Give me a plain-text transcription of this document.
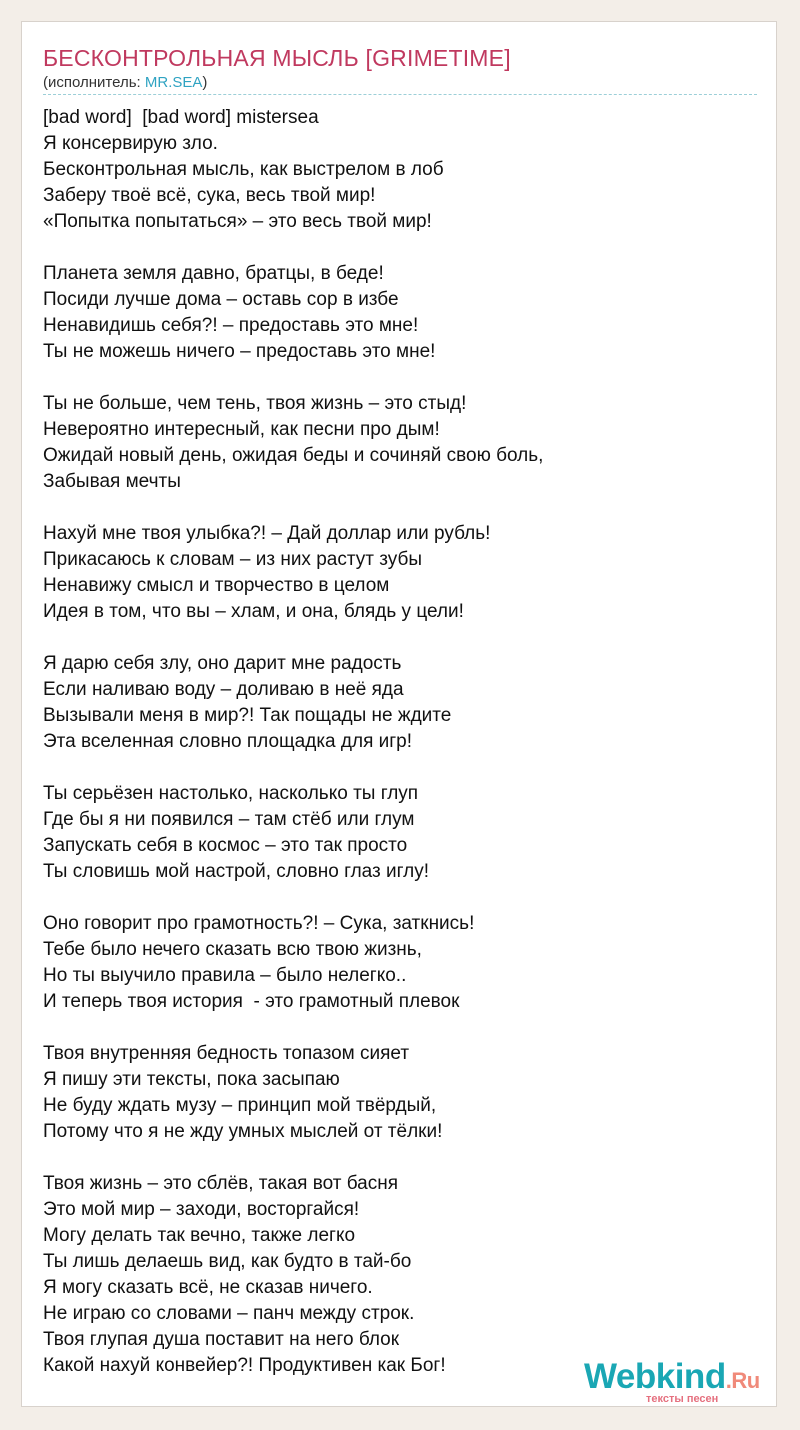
БЕСКОНТРОЛЬНАЯ МЫСЛЬ [GRIMETIME]
(исполнитель: MR.SEA)
[bad word]  [bad word] mistersea
Я консервирую зло.
Бесконтрольная мысль, как выстрелом в лоб
Заберу твоё всё, сука, весь твой мир!
«Попытка попытаться» – это весь твой мир!
Планета земля давно, братцы, в беде!
Посиди лучше дома – оставь сор в избе
Ненавидишь себя?! – предоставь это мне!
Ты не можешь ничего – предоставь это мне!
Ты не больше, чем тень, твоя жизнь – это стыд!
Невероятно интересный, как песни про дым!
Ожидай новый день, ожидая беды и сочиняй свою боль,
Забывая мечты
Нахуй мне твоя улыбка?! – Дай доллар или рубль!
Прикасаюсь к словам – из них растут зубы
Ненавижу смысл и творчество в целом
Идея в том, что вы – хлам, и она, блядь у цели!
Я дарю себя злу, оно дарит мне радость
Если наливаю воду – доливаю в неё яда
Вызывали меня в мир?! Так пощады не ждите
Эта вселенная словно площадка для игр!
Ты серьёзен настолько, насколько ты глуп
Где бы я ни появился – там стёб или глум
Запускать себя в космос – это так просто
Ты словишь мой настрой, словно глаз иглу!
Оно говорит про грамотность?! – Сука, заткнись!
Тебе было нечего сказать всю твою жизнь,
Но ты выучило правила – было нелегко..
И теперь твоя история  - это грамотный плевок
Твоя внутренняя бедность топазом сияет
Я пишу эти тексты, пока засыпаю
Не буду ждать музу – принцип мой твёрдый,
Потому что я не жду умных мыслей от тёлки!
Твоя жизнь – это сблёв, такая вот басня
Это мой мир – заходи, восторгайся!
Могу делать так вечно, также легко
Ты лишь делаешь вид, как будто в тай-бо
Я могу сказать всё, не сказав ничего.
Не играю со словами – панч между строк.
Твоя глупая душа поставит на него блок
Какой нахуй конвейер?! Продуктивен как Бог!	Webkind.Ru
тексты песен
